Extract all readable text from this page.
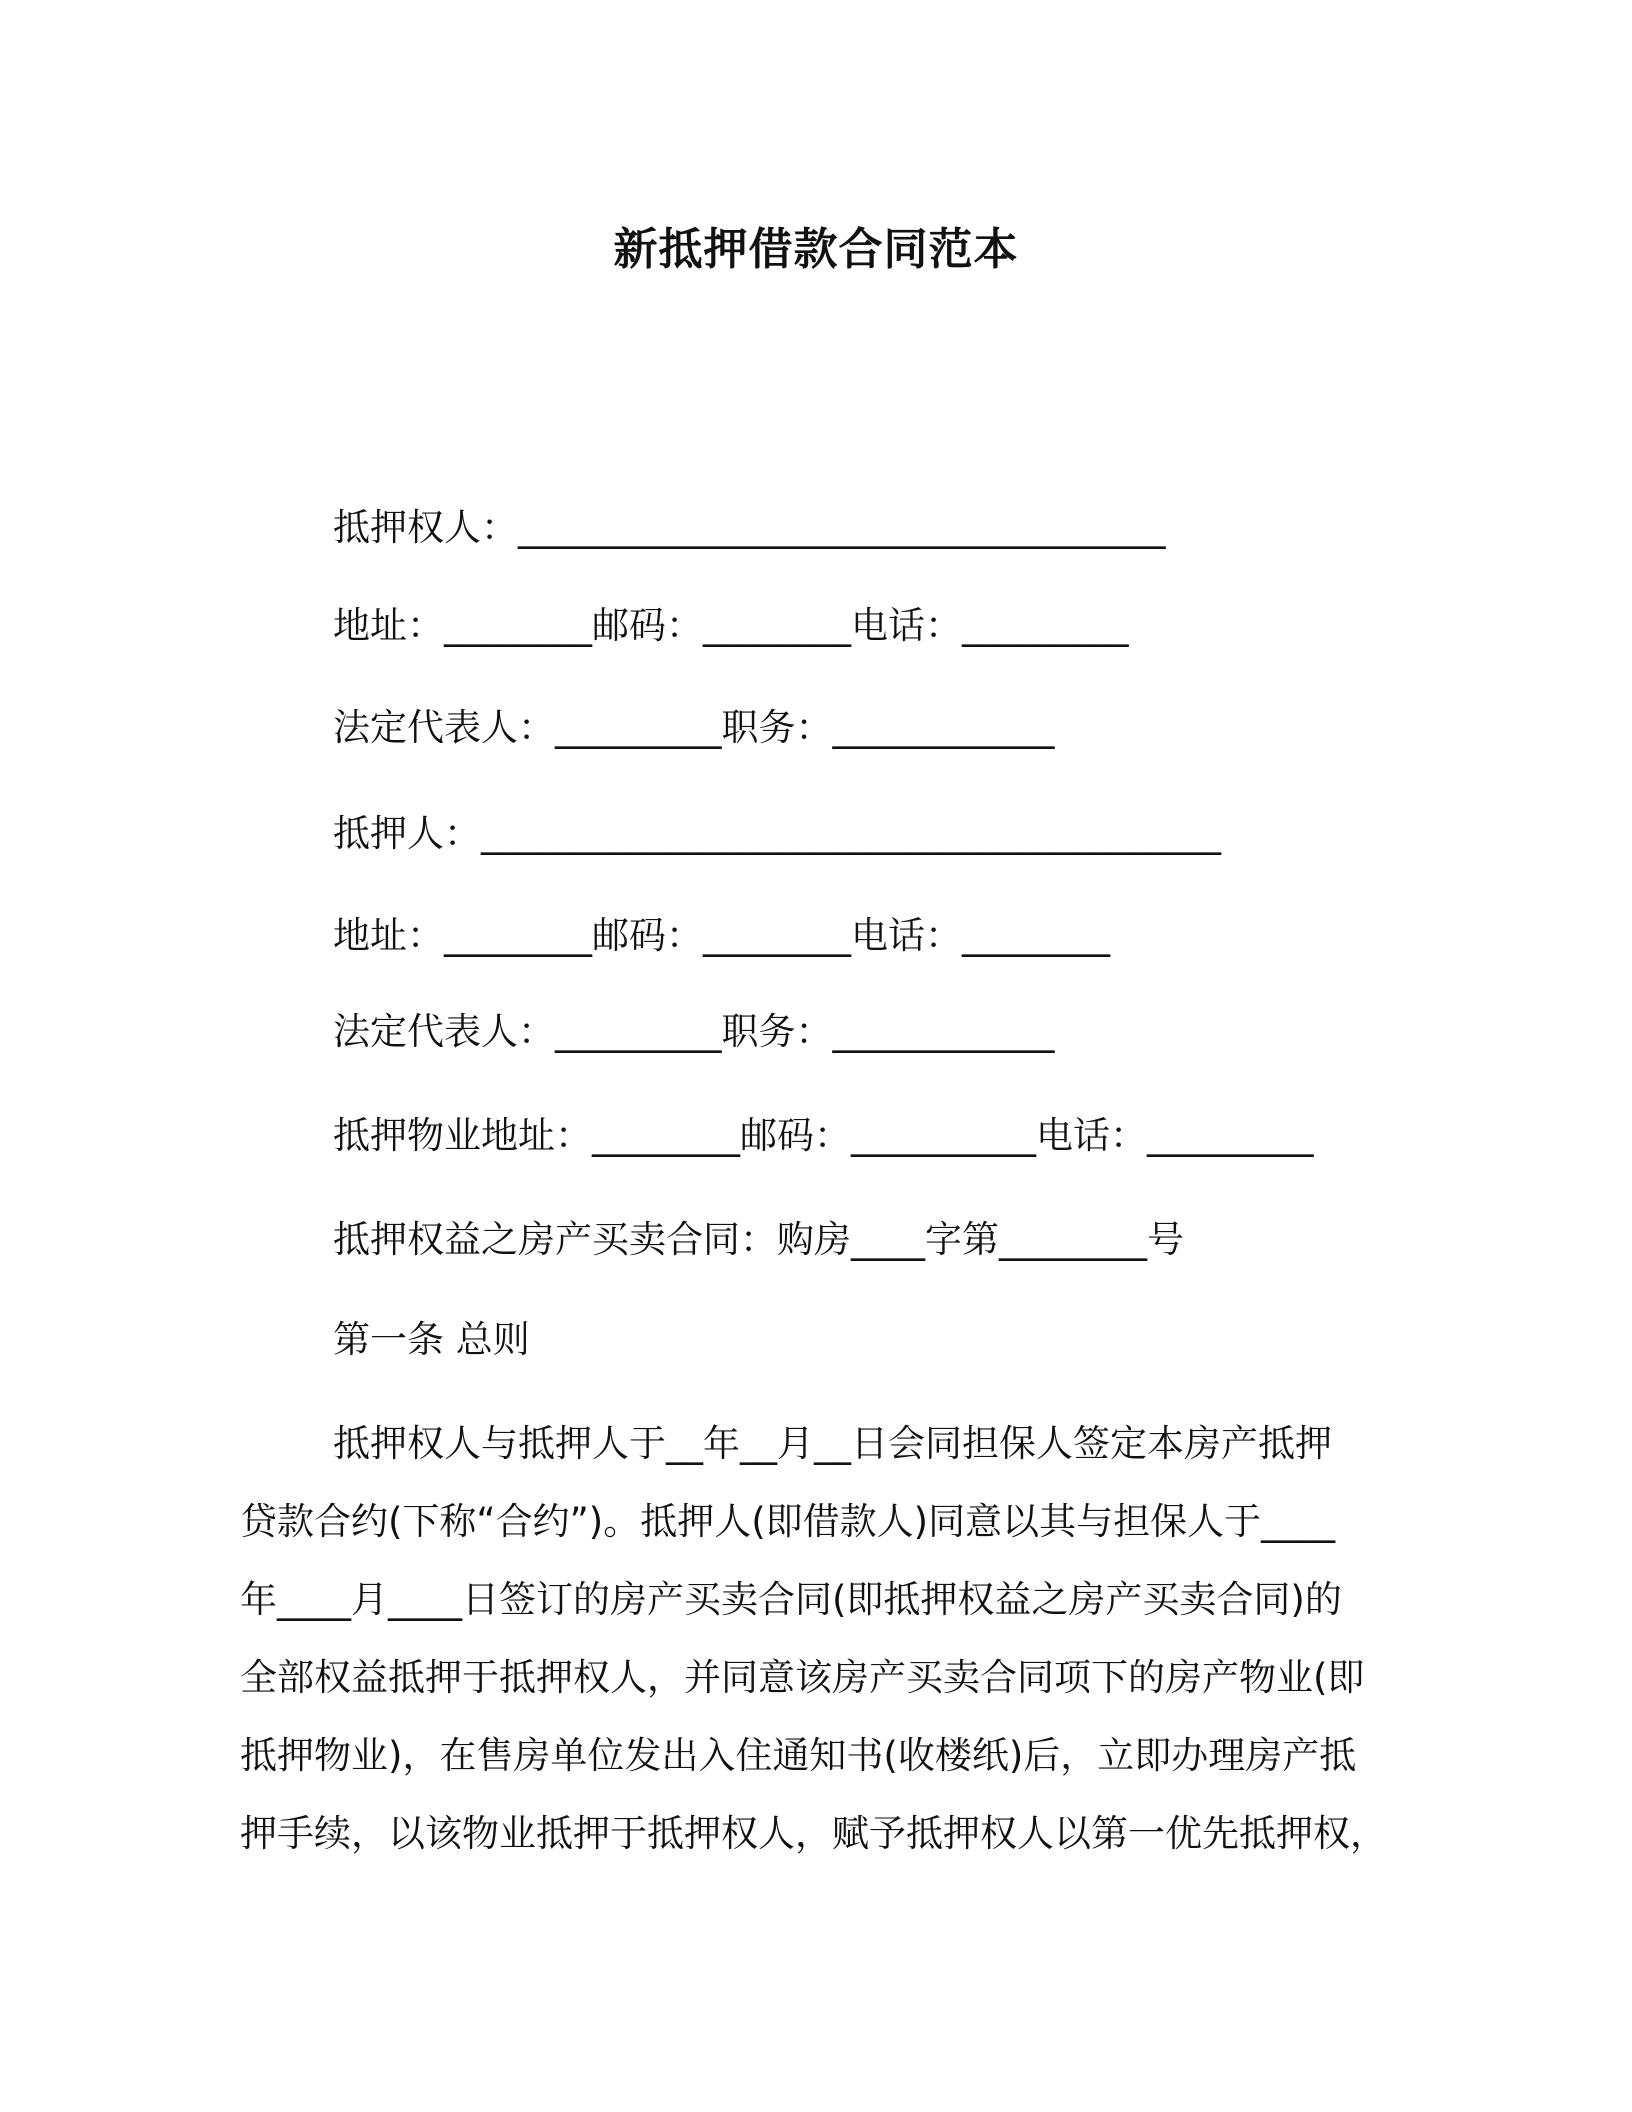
新抵押借款合同范本
抵押权人：___________________________________
地址：________邮码：________电话：_________
法定代表人：_________职务：____________
抵押人：________________________________________
地址：________邮码：________电话：________
法定代表人：_________职务：____________
抵押物业地址：________邮码：__________电话：_________
抵押权益之房产买卖合同：购房____字第________号
第一条 总则
抵押权人与抵押人于__年__月__日会同担保人签定本房产抵押
贷款合约(下称“合约”)。抵押人(即借款人)同意以其与担保人于____
年____月____日签订的房产买卖合同(即抵押权益之房产买卖合同)的
全部权益抵押于抵押权人，并同意该房产买卖合同项下的房产物业(即
抵押物业)，在售房单位发出入住通知书(收楼纸)后，立即办理房产抵
押手续，以该物业抵押于抵押权人，赋予抵押权人以第一优先抵押权，
